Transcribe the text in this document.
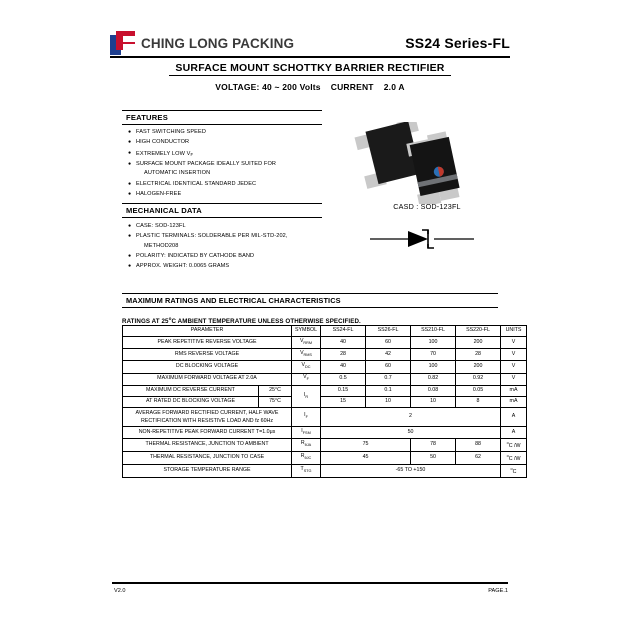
CHING LONG PACKING	SS24 Series-FL
SURFACE MOUNT SCHOTTKY BARRIER RECTIFIER
VOLTAGE: 40 ~ 200 Volts CURRENT 2.0 A
FEATURES
● FAST SWITCHING SPEED
● HIGH CONDUCTOR
● EXTREMELY LOW $V_F$
● SURFACE MOUNT PACKAGE IDEALLY SUITED FOR
AUTOMATIC INSERTION
● ELECTRICAL IDENTICAL STANDARD JEDEC
● HALOGEN-FREE
MECHANICAL DATA
● CASE: SOD-123FL
● PLASTIC TERMINALS: SOLDERABLE PER MIL-STD-202,
METHOD208
● POLARITY: INDICATED BY CATHODE BAND
● APPROX. WEIGHT: 0.0065 GRAMS
CASD : SOD-123FL
MAXIMUM RATINGS AND ELECTRICAL CHARACTERISTICS
RATINGS AT 25$^o$C AMBIENT TEMPERATURE UNLESS OTHERWISE SPECIFIED.
PARAMETER		SYMBOL	SS24-FL	SS26-FL	SS210-FL	SS220-FL	UNITS
PEAK REPETITIVE REVERSE VOLTAGE		$V_{RRM}$	40	60	100	200	V
RMS REVERSE VOLTAGE		$V_{RMS}$	28	42	70	28	V
DC BLOCKING VOLTAGE		$V_{DC}$	40	60	100	200	V
MAXIMUM FORWARD VOLTAGE AT 2.0A		$V_F$	0.5	0.7	0.82	0.92	V
MAXIMUM DC REVERSE CURRENT	25°C	$I_R$	0.15	0.1	0.08	0.05	mA
AT RATED DC BLOCKING VOLTAGE	75°C		15	10	10	8	mA
AVERAGE FORWARD RECTIFIED CURRENT, HALF WAVE
RECTIFICATION WITH RESISTIVE LOAD AND fz 60Hz		$I_F$	2				A

NON-REPETITIVE PEAK FORWARD CURRENT T=1.0μs		$I_{FSM}$	50				A
THERMAL RESISTANCE, JUNCTION TO AMBIENT		$R_{\theta JA}$	75		78	88	$^o$C /W
THERMAL RESISTANCE, JUNCTION TO CASE		$R_{\theta JC}$	45		50	62	$^o$C /W
STORAGE TEMPERATURE RANGE		$T_{STG}$	-65 TO +150				$^o$C
V2.0	PAGE.1
